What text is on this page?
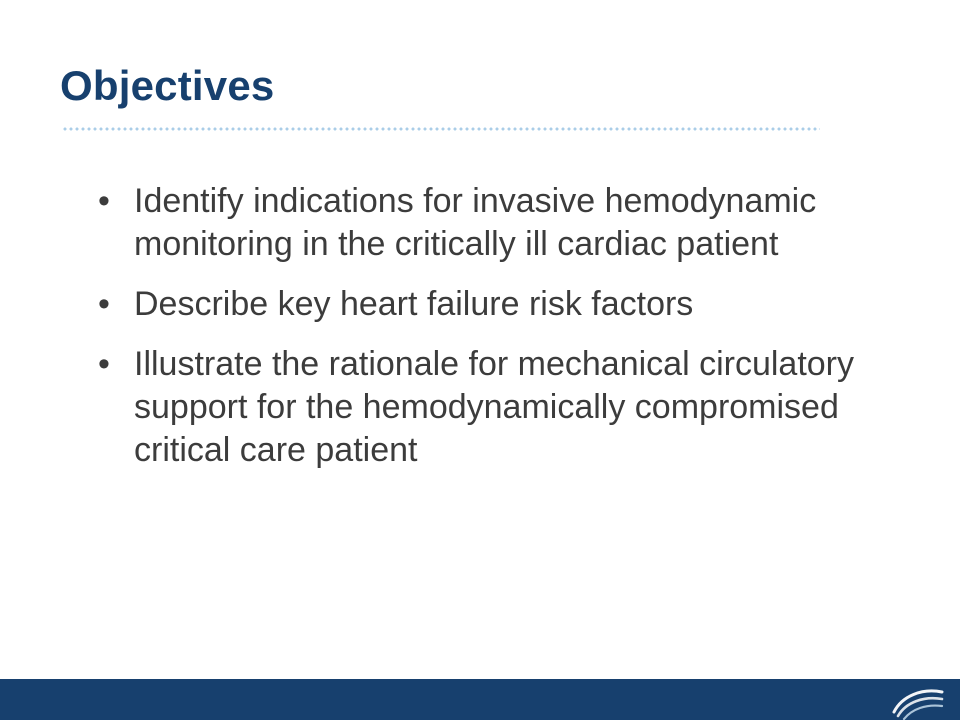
Objectives
• Identify indications for invasive hemodynamic monitoring in the critically ill cardiac patient
• Describe key heart failure risk factors
• Illustrate the rationale for mechanical circulatory support for the hemodynamically compromised critical care patient
